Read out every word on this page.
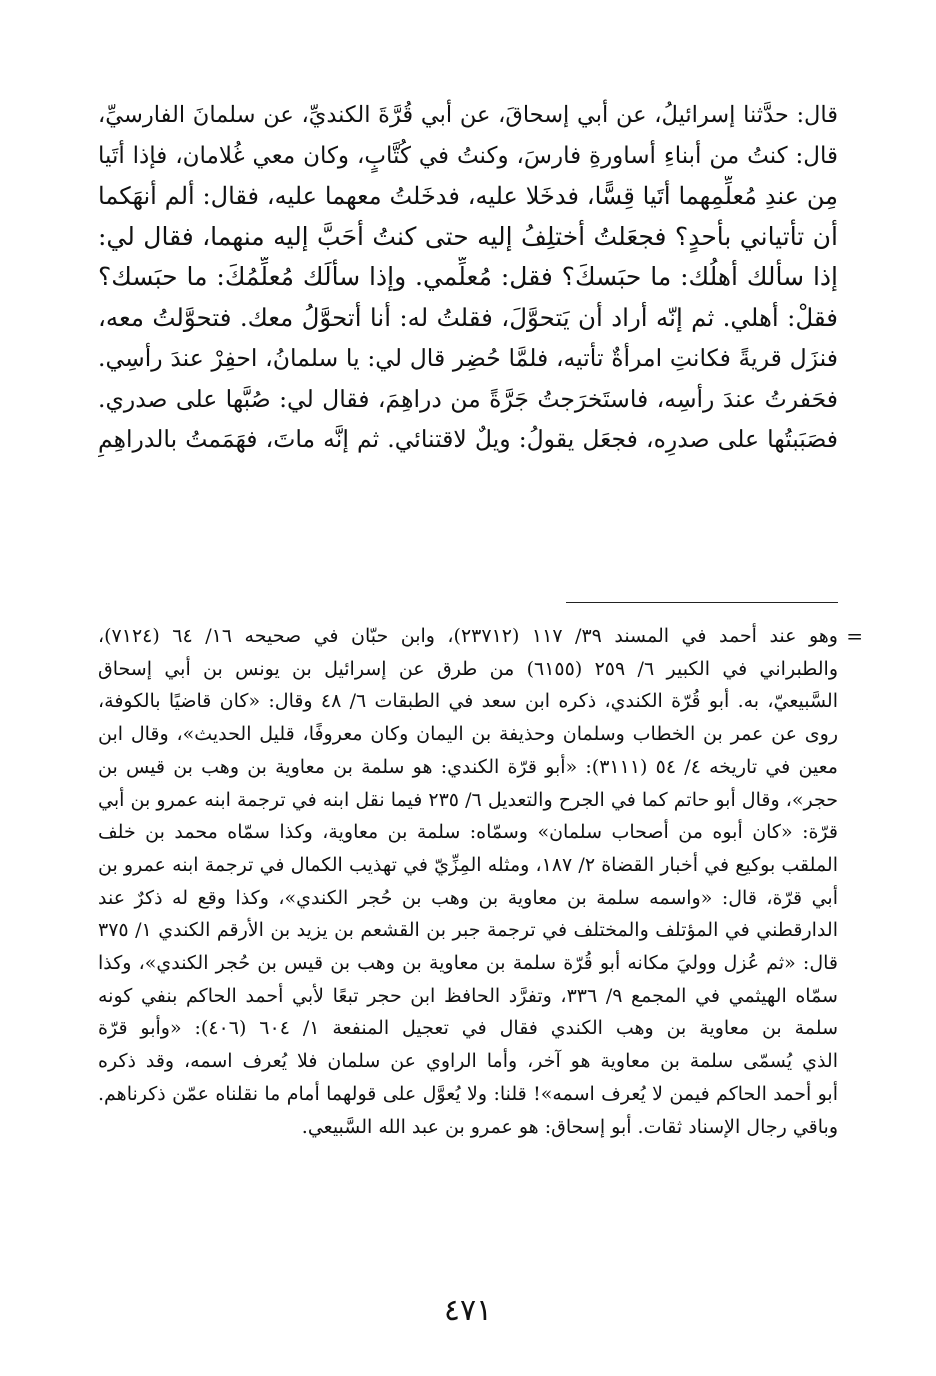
قال: حدَّثنا إسرائيلُ، عن أبي إسحاقَ، عن أبي قُرَّةَ الكنديِّ، عن سلمانَ الفارسيِّ،
قال: كنتُ من أبناءِ أساورةِ فارسَ، وكنتُ في كُتَّابٍ، وكان معي غُلامان، فإذا أتَيا
مِن عندِ مُعلِّمِهما أتَيا قِسًّا، فدخَلا عليه، فدخَلتُ معهما عليه، فقال: ألم أنهَكما
أن تأتياني بأحدٍ؟ فجعَلتُ أختلِفُ إليه حتى كنتُ أحَبَّ إليه منهما، فقال لي:
إذا سألك أهلُك: ما حبَسكَ؟ فقل: مُعلِّمي. وإذا سألَك مُعلِّمُكَ: ما حبَسك؟
فقلْ: أهلي. ثم إنّه أراد أن يَتحوَّلَ، فقلتُ له: أنا أتحوَّلُ معك. فتحوَّلتُ معه،
فنزَل قريةً فكانتِ امرأةٌ تأتيه، فلمَّا حُضِر قال لي: يا سلمانُ، احفِرْ عندَ رأسِي.
فحَفرتُ عندَ رأسِه، فاستَخرَجتُ جَرَّةً من دراهِمَ، فقال لي: صُبَّها على صدري.
فصَبَبتُها على صدرِه، فجعَل يقولُ: ويلٌ لاقتنائي. ثم إنَّه ماتَ، فهَمَمتُ بالدراهِمِ
=
وهو عند أحمد في المسند ٣٩/ ١١٧ (٢٣٧١٢)، وابن حبّان في صحيحه ١٦/ ٦٤ (٧١٢٤)،
والطبراني في الكبير ٦/ ٢٥٩ (٦١٥٥) من طرق عن إسرائيل بن يونس بن أبي إسحاق
السَّبيعيّ، به. أبو قُرّة الكندي، ذكره ابن سعد في الطبقات ٦/ ٤٨ وقال: «كان قاضيًا بالكوفة،
روى عن عمر بن الخطاب وسلمان وحذيفة بن اليمان وكان معروفًا، قليل الحديث»، وقال ابن
معين في تاريخه ٤/ ٥٤ (٣١١١): «أبو قرّة الكندي: هو سلمة بن معاوية بن وهب بن قيس بن
حجر»، وقال أبو حاتم كما في الجرح والتعديل ٦/ ٢٣٥ فيما نقل ابنه في ترجمة ابنه عمرو بن أبي
قرّة: «كان أبوه من أصحاب سلمان» وسمّاه: سلمة بن معاوية، وكذا سمّاه محمد بن خلف
الملقب بوكيع في أخبار القضاة ٢/ ١٨٧، ومثله المِزِّيّ في تهذيب الكمال في ترجمة ابنه عمرو بن
أبي قرّة، قال: «واسمه سلمة بن معاوية بن وهب بن حُجر الكندي»، وكذا وقع له ذكرٌ عند
الدارقطني في المؤتلف والمختلف في ترجمة جبر بن القشعم بن يزيد بن الأرقم الكندي ١/ ٣٧٥
قال: «ثم عُزل ووليَ مكانه أبو قُرّة سلمة بن معاوية بن وهب بن قيس بن حُجر الكندي»، وكذا
سمّاه الهيثمي في المجمع ٩/ ٣٣٦، وتفرَّد الحافظ ابن حجر تبعًا لأبي أحمد الحاكم بنفي كونه
سلمة بن معاوية بن وهب الكندي فقال في تعجيل المنفعة ١/ ٦٠٤ (٤٠٦): «وأبو قرّة
الذي يُسمّى سلمة بن معاوية هو آخر، وأما الراوي عن سلمان فلا يُعرف اسمه، وقد ذكره
أبو أحمد الحاكم فيمن لا يُعرف اسمه»! قلنا: ولا يُعوَّل على قولهما أمام ما نقلناه عمّن ذكرناهم.
وباقي رجال الإسناد ثقات. أبو إسحاق: هو عمرو بن عبد الله السَّبيعي.
٤٧١
